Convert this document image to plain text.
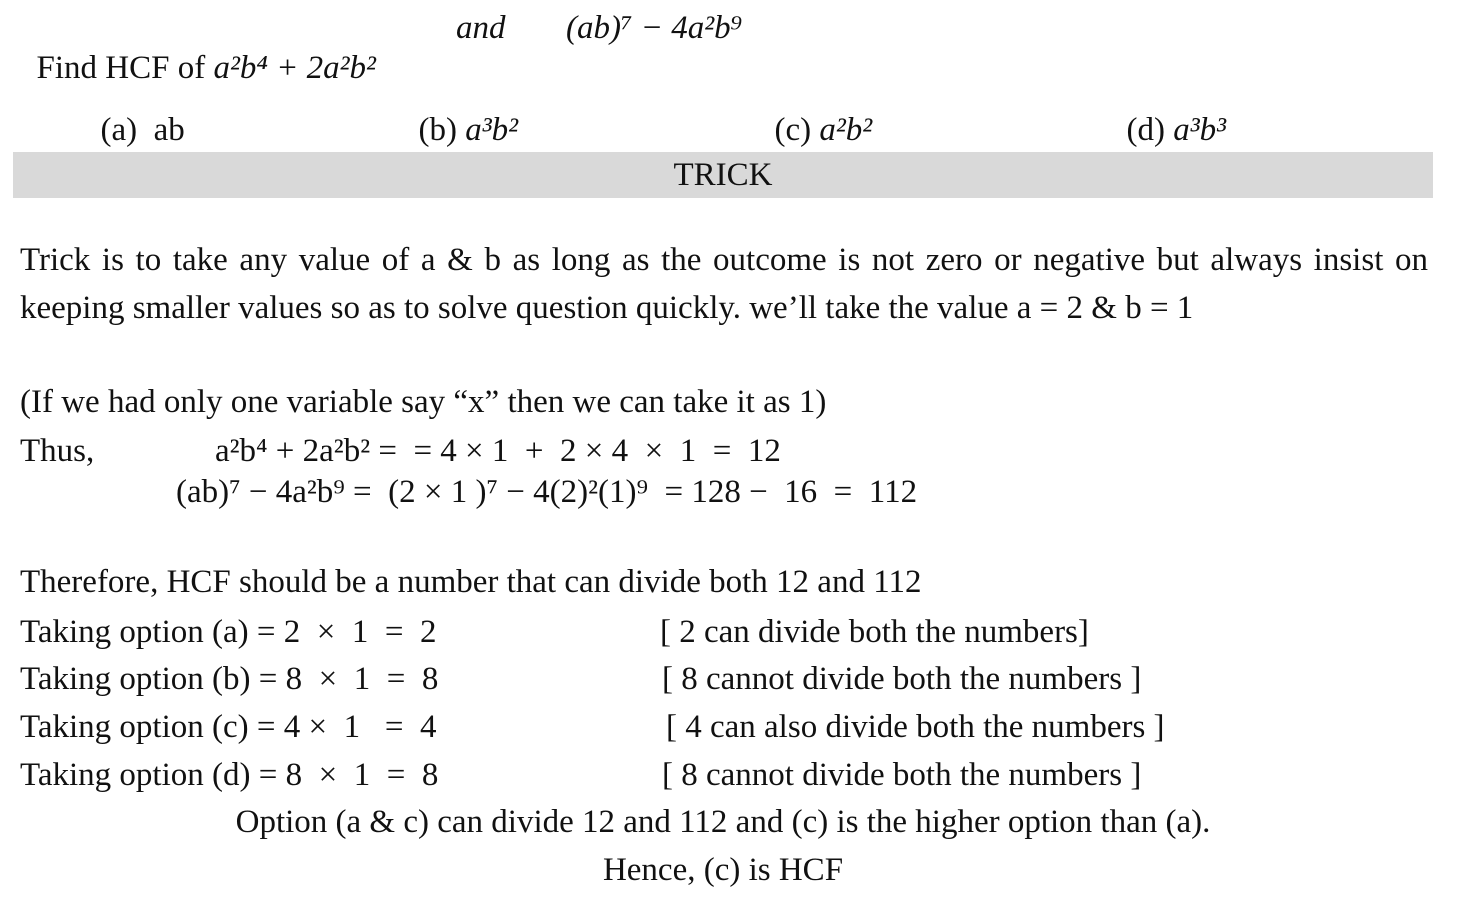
Find HCF of a²b⁴ + 2a²b²

and (ab)⁷ − 4a²b⁹

(a) ab	(b) a³b²	(c) a²b²	(d) a³b³

TRICK
Trick is to take any value of a & b as long as the outcome is not zero or negative but always insist on keeping smaller values so as to solve question quickly. we’ll take the value a = 2 & b = 1
(If we had only one variable say “x” then we can take it as 1)
Thus,	a²b⁴ + 2a²b² =  = 4 × 1  +  2 × 4  ×  1  =  12
(ab)⁷ − 4a²b⁹ =  (2 × 1 )⁷ − 4(2)²(1)⁹  = 128 −  16  =  112
Therefore, HCF should be a number that can divide both 12 and 112
Taking option (a) = 2  ×  1  =  2	[ 2 can divide both the numbers]
Taking option (b) = 8  ×  1  =  8	[ 8 cannot divide both the numbers ]
Taking option (c) = 4 ×  1   =  4	[ 4 can also divide both the numbers ]
Taking option (d) = 8  ×  1  =  8	[ 8 cannot divide both the numbers ]
Option (a & c) can divide 12 and 112 and (c) is the higher option than (a).
Hence, (c) is HCF
